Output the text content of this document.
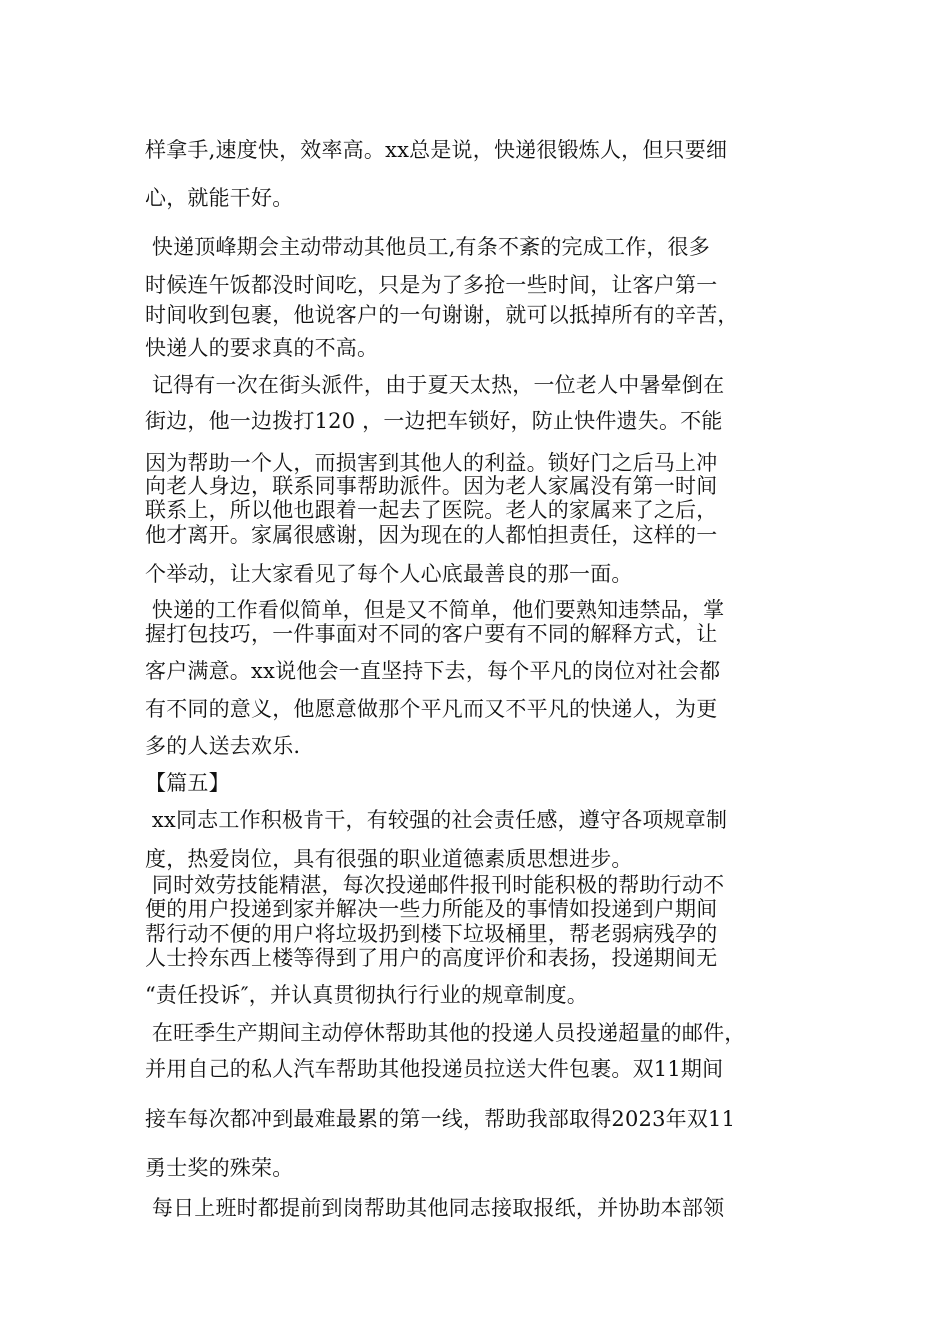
样拿手,速度快，效率高。xx总是说，快递很锻炼人，但只要细

心，就能干好。

快递顶峰期会主动带动其他员工,有条不紊的完成工作，很多

时候连午饭都没时间吃，只是为了多抢一些时间，让客户第一

时间收到包裹，他说客户的一句谢谢，就可以抵掉所有的辛苦，

快递人的要求真的不高。

记得有一次在街头派件，由于夏天太热，一位老人中暑晕倒在

街边，他一边拨打120 ，一边把车锁好，防止快件遗失。不能

因为帮助一个人，而损害到其他人的利益。锁好门之后马上冲

向老人身边，联系同事帮助派件。因为老人家属没有第一时间

联系上，所以他也跟着一起去了医院。老人的家属来了之后，

他才离开。家属很感谢，因为现在的人都怕担责任，这样的一

个举动，让大家看见了每个人心底最善良的那一面。

快递的工作看似简单，但是又不简单，他们要熟知违禁品，掌

握打包技巧，一件事面对不同的客户要有不同的解释方式，让

客户满意。xx说他会一直坚持下去，每个平凡的岗位对社会都

有不同的意义，他愿意做那个平凡而又不平凡的快递人，为更

多的人送去欢乐.

【篇五】

xx同志工作积极肯干，有较强的社会责任感，遵守各项规章制

度，热爱岗位，具有很强的职业道德素质思想进步。

同时效劳技能精湛，每次投递邮件报刊时能积极的帮助行动不

便的用户投递到家并解决一些力所能及的事情如投递到户期间

帮行动不便的用户将垃圾扔到楼下垃圾桶里，帮老弱病残孕的

人士拎东西上楼等得到了用户的高度评价和表扬，投递期间无

“责任投诉″，并认真贯彻执行行业的规章制度。

在旺季生产期间主动停休帮助其他的投递人员投递超量的邮件，

并用自己的私人汽车帮助其他投递员拉送大件包裹。双11期间

接车每次都冲到最难最累的第一线，帮助我部取得2023年双11

勇士奖的殊荣。

每日上班时都提前到岗帮助其他同志接取报纸，并协助本部领
